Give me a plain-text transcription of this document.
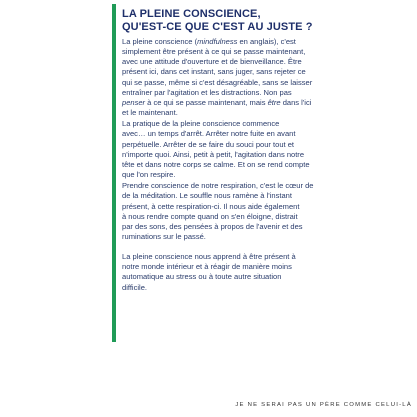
LA PLEINE CONSCIENCE,
QU'EST-CE QUE C'EST AU JUSTE ?

La pleine conscience (mindfulness en anglais), c'est
simplement être présent à ce qui se passe maintenant,
avec une attitude d'ouverture et de bienveillance. Être
présent ici, dans cet instant, sans juger, sans rejeter ce
qui se passe, même si c'est désagréable, sans se laisser
entraîner par l'agitation et les distractions. Non pas
penser à ce qui se passe maintenant, mais être dans l'ici
et le maintenant.

La pratique de la pleine conscience commence
avec… un temps d'arrêt. Arrêter notre fuite en avant
perpétuelle. Arrêter de se faire du souci pour tout et
n'importe quoi. Ainsi, petit à petit, l'agitation dans notre
tête et dans notre corps se calme. Et on se rend compte
que l'on respire.

Prendre conscience de notre respiration, c'est le cœur de
de la méditation. Le souffle nous ramène à l'instant
présent, à cette respiration-ci. Il nous aide également
à nous rendre compte quand on s'en éloigne, distrait
par des sons, des pensées à propos de l'avenir et des
ruminations sur le passé.

La pleine conscience nous apprend à être présent à
notre monde intérieur et à réagir de manière moins
automatique au stress ou à toute autre situation
difficile.

JE NE SERAI PAS UN PÈRE COMME CELUI-LÀ
